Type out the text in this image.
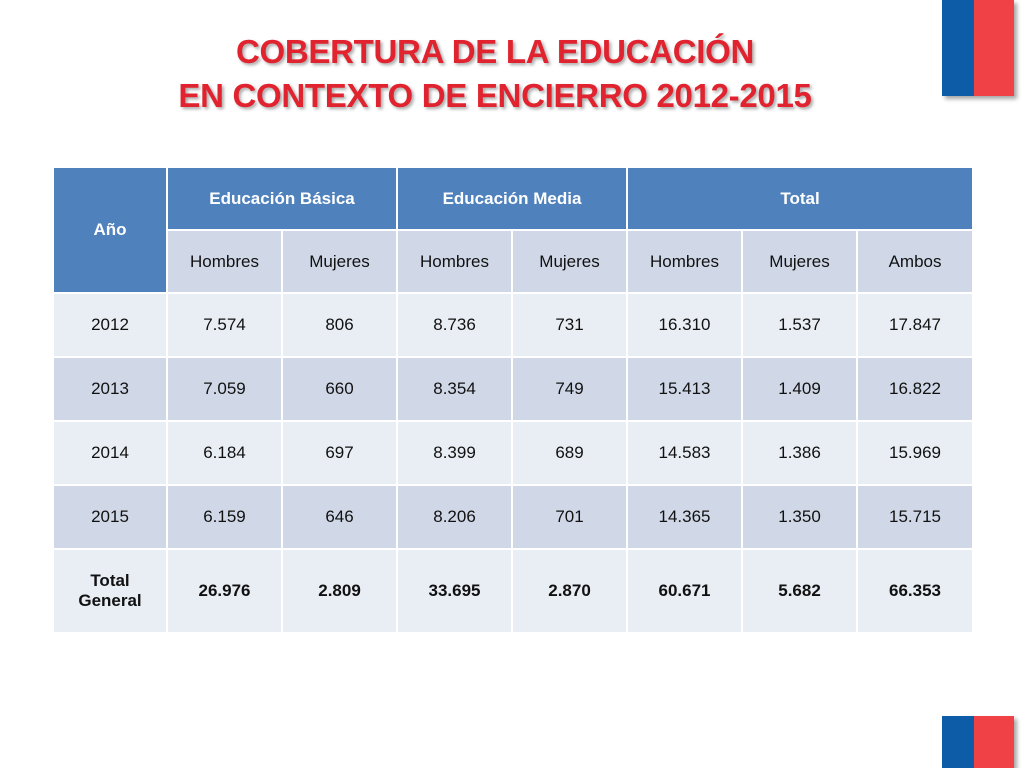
COBERTURA DE LA EDUCACIÓN
EN CONTEXTO DE ENCIERRO 2012-2015
Año	Educación Básica		Educación Media		Total		
	Hombres	Mujeres	Hombres	Mujeres	Hombres	Mujeres	Ambos
2012	7.574	806	8.736	731	16.310	1.537	17.847
2013	7.059	660	8.354	749	15.413	1.409	16.822
2014	6.184	697	8.399	689	14.583	1.386	15.969
2015	6.159	646	8.206	701	14.365	1.350	15.715

Total
General	26.976	2.809	33.695	2.870	60.671	5.682	66.353
